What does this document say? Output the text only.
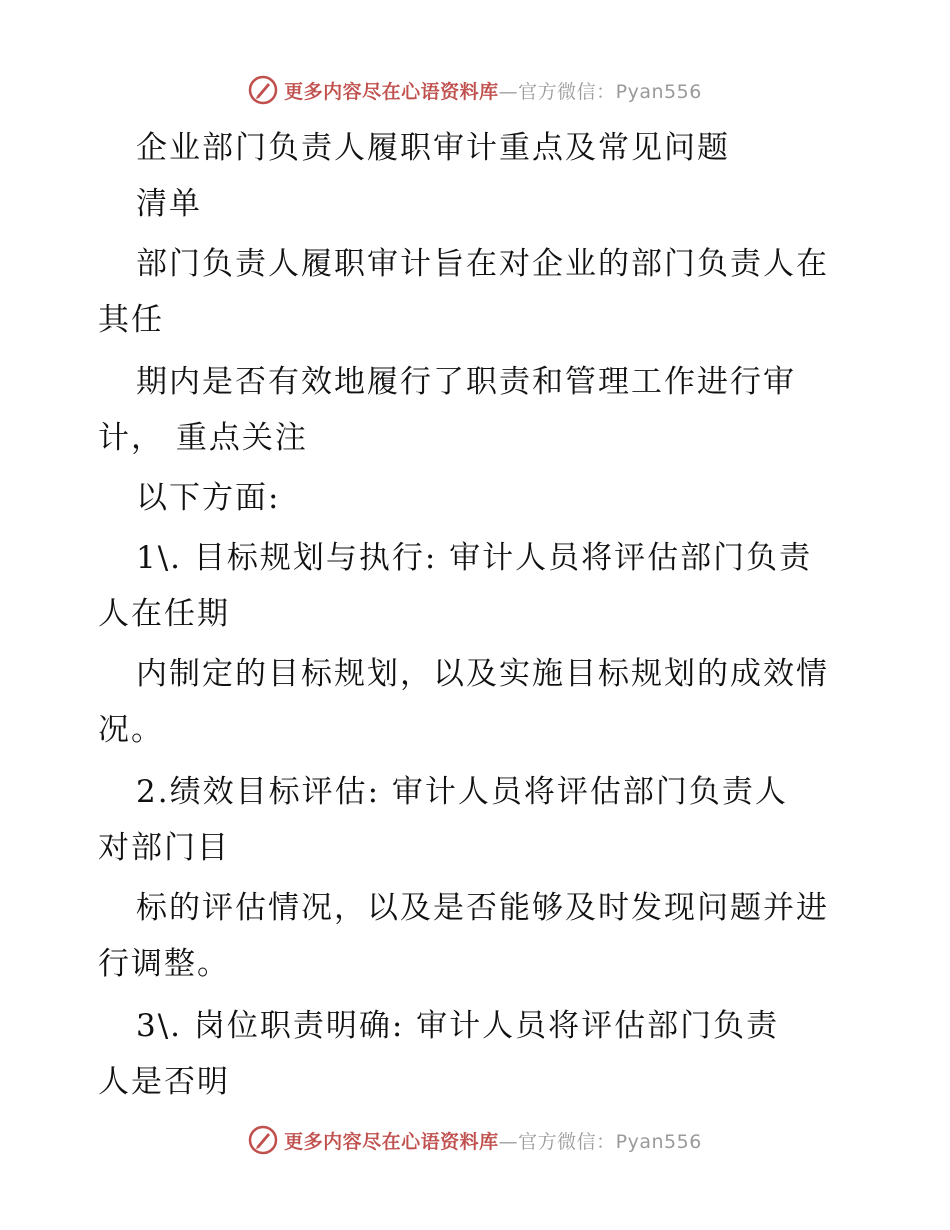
更多内容尽在心语资料库—官方微信：Pyan556
企业部门负责人履职审计重点及常见问题
清单
部门负责人履职审计旨在对企业的部门负责人在
其任
期内是否有效地履行了职责和管理工作进行审
计， 重点关注
以下方面:
1\. 目标规划与执行: 审计人员将评估部门负责
人在任期
内制定的目标规划，以及实施目标规划的成效情
况。
2.绩效目标评估: 审计人员将评估部门负责人
对部门目
标的评估情况，以及是否能够及时发现问题并进
行调整。
3\. 岗位职责明确: 审计人员将评估部门负责
人是否明
更多内容尽在心语资料库—官方微信：Pyan556
